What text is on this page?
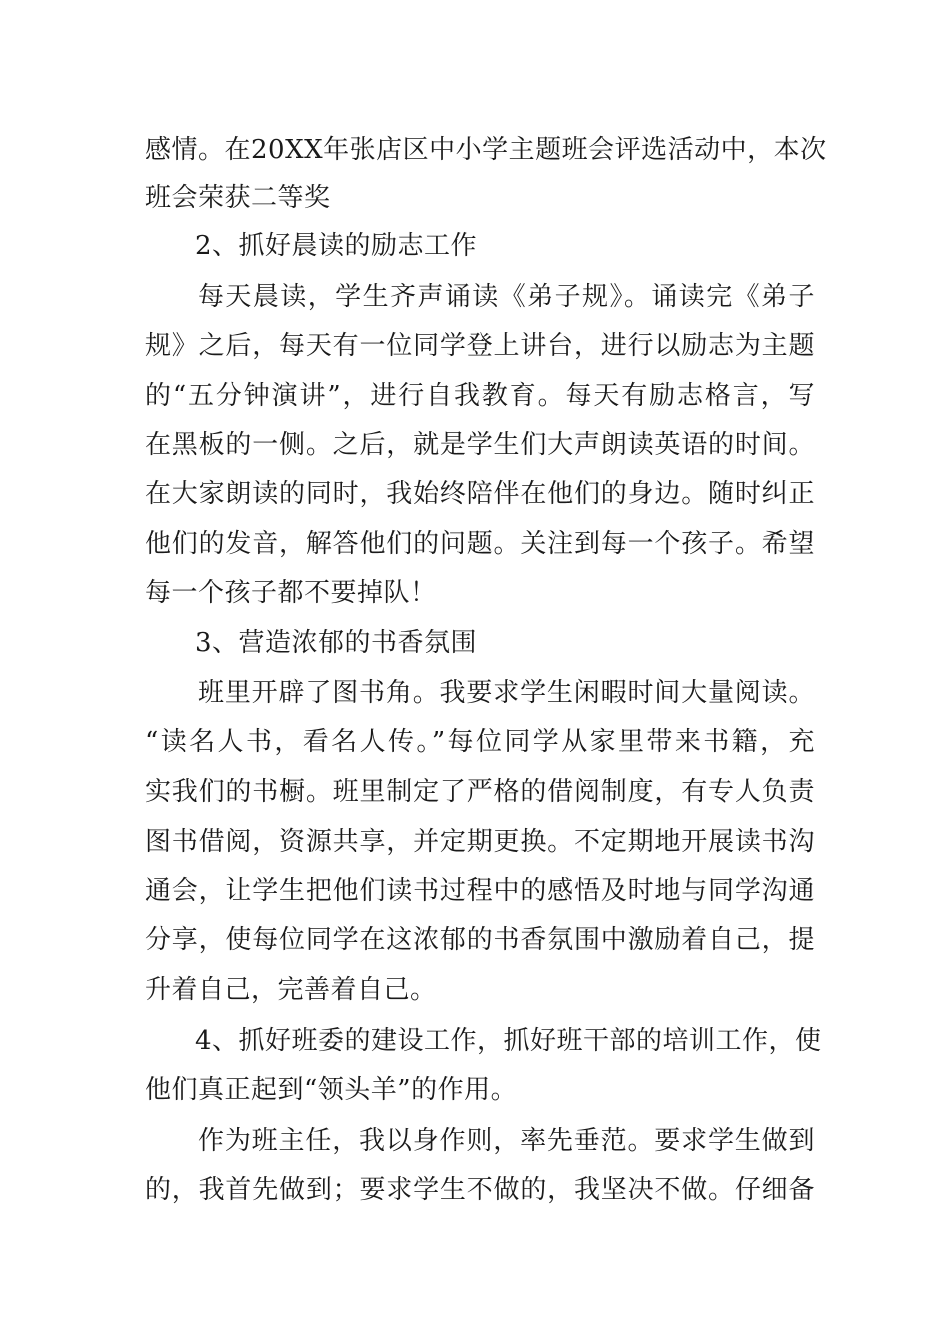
感情。在20XX年张店区中小学主题班会评选活动中，本次
班会荣获二等奖
2、抓好晨读的励志工作
每天晨读，学生齐声诵读《弟子规》。诵读完《弟子
规》之后，每天有一位同学登上讲台，进行以励志为主题
的“五分钟演讲”，进行自我教育。每天有励志格言，写
在黑板的一侧。之后，就是学生们大声朗读英语的时间。
在大家朗读的同时，我始终陪伴在他们的身边。随时纠正
他们的发音，解答他们的问题。关注到每一个孩子。希望
每一个孩子都不要掉队！
3、营造浓郁的书香氛围
班里开辟了图书角。我要求学生闲暇时间大量阅读。
“读名人书，看名人传。”每位同学从家里带来书籍，充
实我们的书橱。班里制定了严格的借阅制度，有专人负责
图书借阅，资源共享，并定期更换。不定期地开展读书沟
通会，让学生把他们读书过程中的感悟及时地与同学沟通
分享，使每位同学在这浓郁的书香氛围中激励着自己，提
升着自己，完善着自己。
4、抓好班委的建设工作，抓好班干部的培训工作，使
他们真正起到“领头羊”的作用。
作为班主任，我以身作则，率先垂范。要求学生做到
的，我首先做到；要求学生不做的，我坚决不做。仔细备
